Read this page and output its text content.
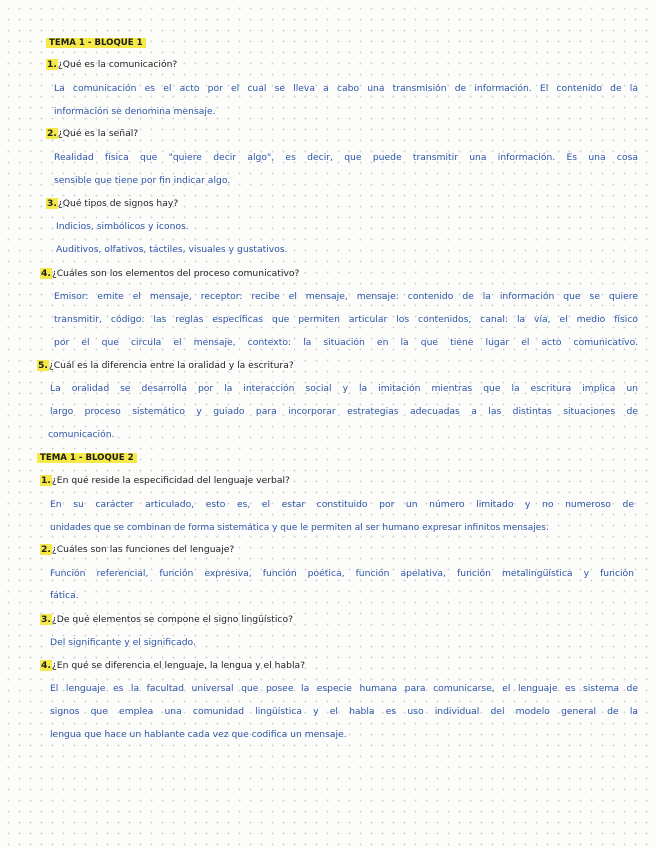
TEMA 1 - BLOQUE 1
1.¿Qué es la comunicación?
La comunicación es el acto por el cual se lleva a cabo una transmisión de información. El contenido de la
información se denomina mensaje.
2.¿Qué es la señal?
Realidad física que "quiere decir algo", es decir, que puede transmitir una información. Es una cosa
sensible que tiene por fin indicar algo.
3.¿Qué tipos de signos hay?
Indicios, simbólicos y iconos.
Auditivos, olfativos, táctiles, visuales y gustativos.
4.¿Cuáles son los elementos del proceso comunicativo?
Emisor: emite el mensaje, receptor: recibe el mensaje, mensaje: contenido de la información que se quiere
transmitir, código: las reglas específicas que permiten articular los contenidos, canal: la vía, el medio físico
por el que circula el mensaje, contexto: la situación en la que tiene lugar el acto comunicativo.
5.¿Cuál es la diferencia entre la oralidad y la escritura?
La oralidad se desarrolla por la interacción social y la imitación mientras que la escritura implica un
largo proceso sistemático y guiado para incorporar estrategias adecuadas a las distintas situaciones de
comunicación.
TEMA 1 - BLOQUE 2
1.¿En qué reside la especificidad del lenguaje verbal?
En su carácter articulado, esto es, el estar constituido por un número limitado y no numeroso de
unidades que se combinan de forma sistemática y que le permiten al ser humano expresar infinitos mensajes.
2.¿Cuáles son las funciones del lenguaje?
Función referencial, función expresiva, función poética, función apelativa, función metalingüística y función
fática.
3.¿De qué elementos se compone el signo lingüístico?
Del significante y el significado.
4.¿En qué se diferencia el lenguaje, la lengua y el habla?
El lenguaje es la facultad universal que posee la especie humana para comunicarse, el lenguaje es sistema de
signos que emplea una comunidad lingüística y el habla es uso individual del modelo general de la
lengua que hace un hablante cada vez que codifica un mensaje.
